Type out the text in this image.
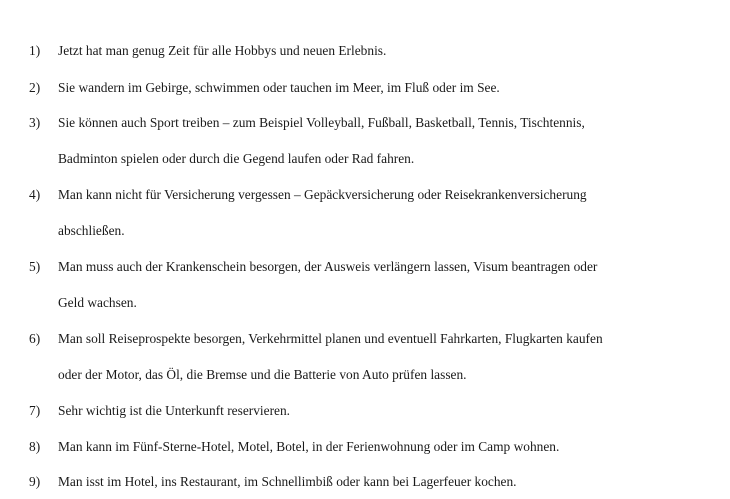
1) Jetzt hat man genug Zeit für alle Hobbys und neuen Erlebnis.
2) Sie wandern im Gebirge, schwimmen oder tauchen im Meer, im Fluß oder im See.
3) Sie können auch Sport treiben – zum Beispiel Volleyball, Fußball, Basketball, Tennis, Tischtennis,
Badminton spielen oder durch die Gegend laufen oder Rad fahren.
4) Man kann nicht für Versicherung vergessen – Gepäckversicherung oder Reisekrankenversicherung
abschließen.
5) Man muss auch der Krankenschein besorgen, der Ausweis verlängern lassen, Visum beantragen oder
Geld wachsen.
6) Man soll Reiseprospekte besorgen, Verkehrmittel planen und eventuell Fahrkarten, Flugkarten kaufen
oder der Motor, das Öl, die Bremse und die Batterie von Auto prüfen lassen.
7) Sehr wichtig ist die Unterkunft reservieren.
8) Man kann im Fünf-Sterne-Hotel, Motel, Botel, in der Ferienwohnung oder im Camp wohnen.
9) Man isst im Hotel, ins Restaurant, im Schnellimbiß oder kann bei Lagerfeuer kochen.
